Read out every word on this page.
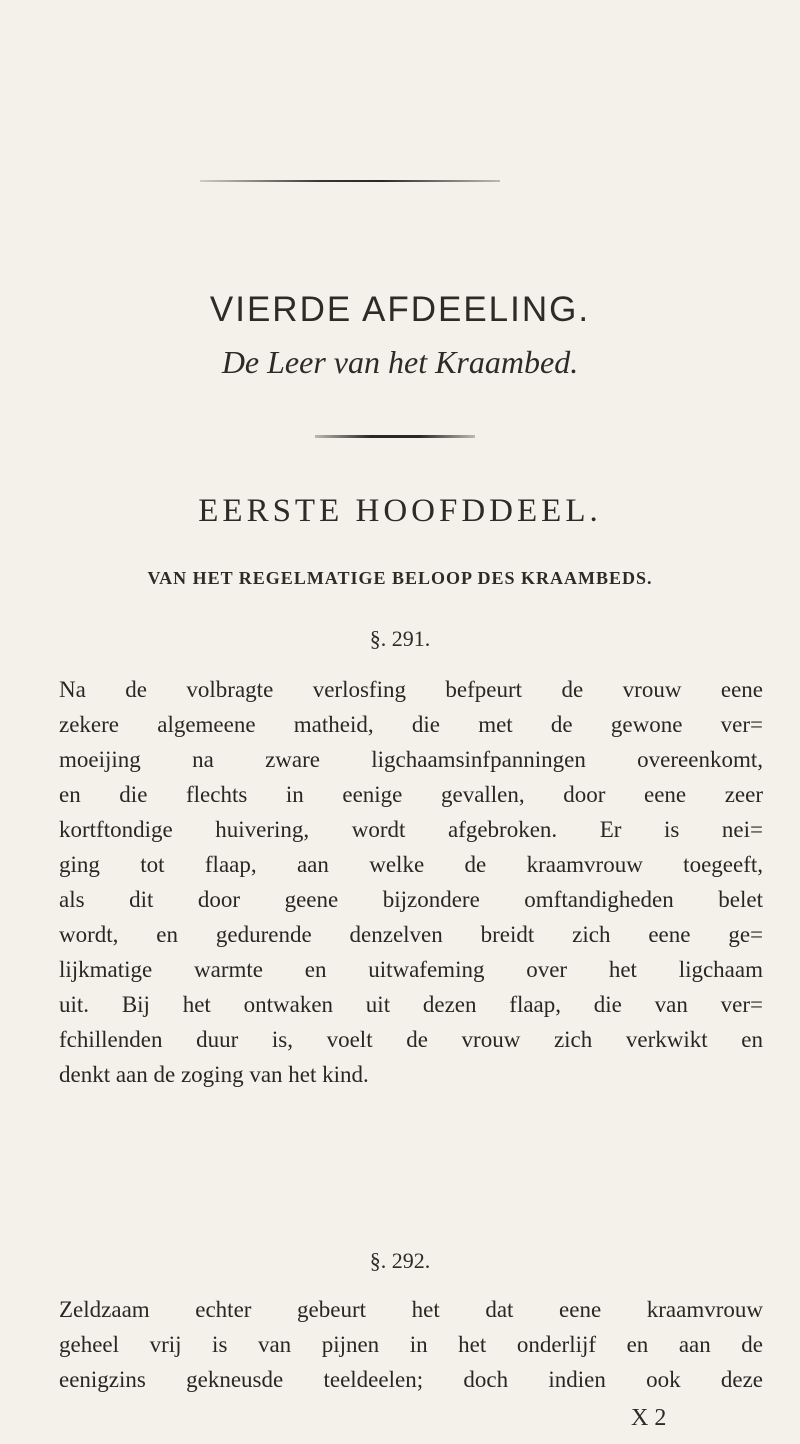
VIERDE AFDEELING.
De Leer van het Kraambed.
EERSTE HOOFDDEEL.
VAN HET REGELMATIGE BELOOP DES KRAAMBEDS.
§. 291.
Na de volbragte verlosfing befpeurt de vrouw eene
zekere algemeene matheid, die met de gewone ver=
moeijing na zware ligchaamsinfpanningen overeenkomt,
en die flechts in eenige gevallen, door eene zeer
kortftondige huivering, wordt afgebroken. Er is nei=
ging tot flaap, aan welke de kraamvrouw toegeeft,
als dit door geene bijzondere omftandigheden belet
wordt, en gedurende denzelven breidt zich eene ge=
lijkmatige warmte en uitwafeming over het ligchaam
uit. Bij het ontwaken uit dezen flaap, die van ver=
fchillenden duur is, voelt de vrouw zich verkwikt en
denkt aan de zoging van het kind.
§. 292.
Zeldzaam echter gebeurt het dat eene kraamvrouw
geheel vrij is van pijnen in het onderlijf en aan de
eenigzins gekneusde teeldeelen; doch indien ook deze
X 2
